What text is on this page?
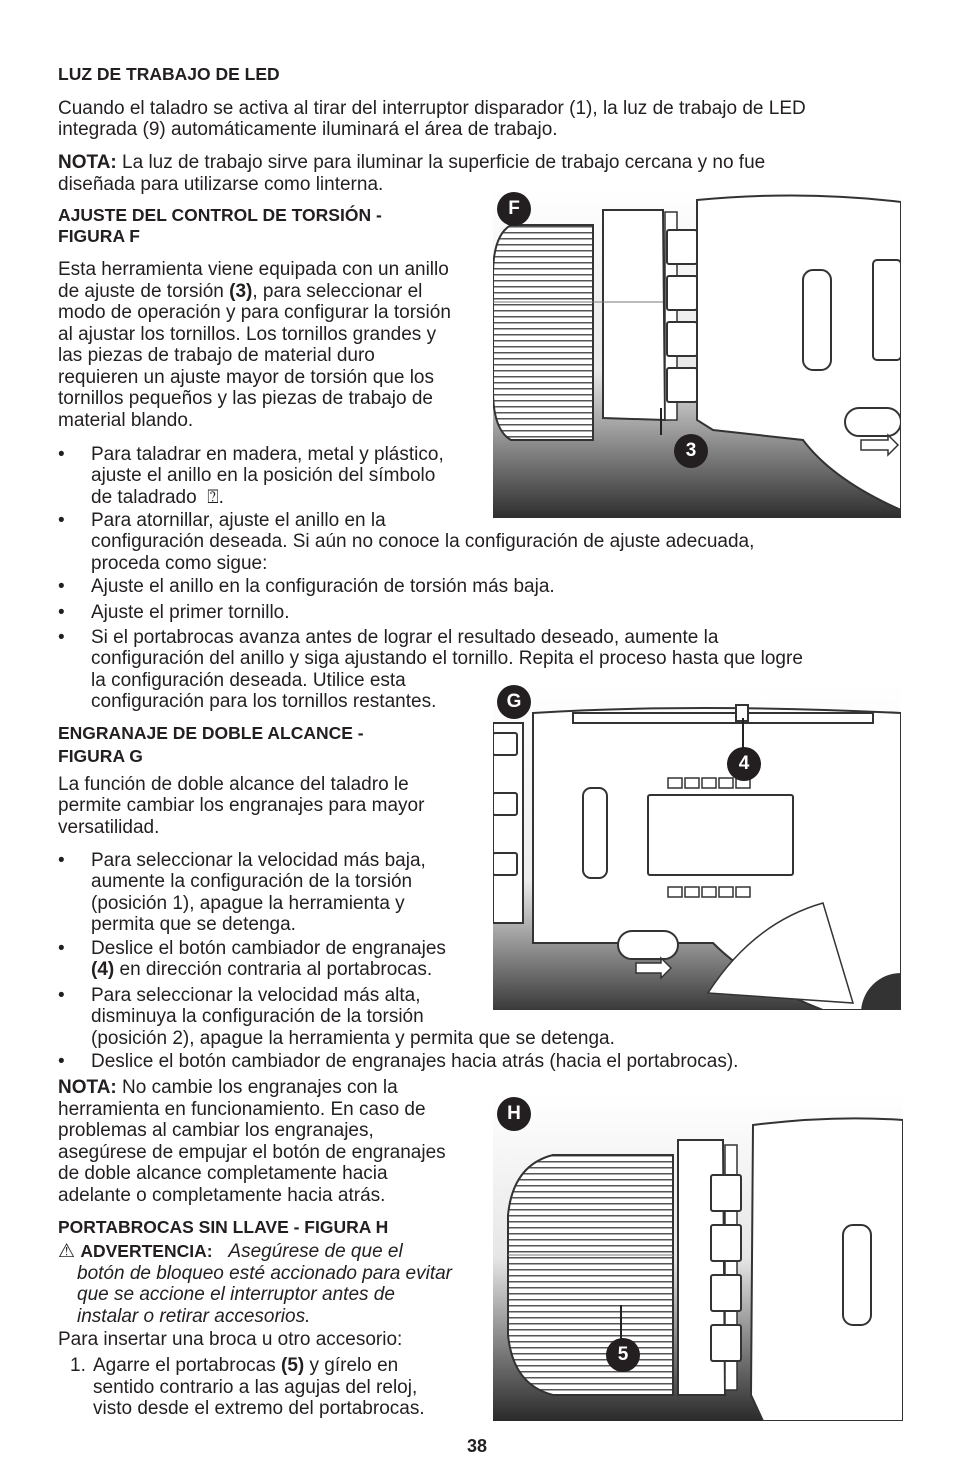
LUZ DE TRABAJO DE LED
Cuando el taladro se activa al tirar del interruptor disparador (1), la luz de trabajo de LED
integrada (9) automáticamente iluminará el área de trabajo.
NOTA: La luz de trabajo sirve para iluminar la superficie de trabajo cercana y no fue
diseñada para utilizarse como linterna.
AJUSTE DEL CONTROL DE TORSIÓN -
FIGURA F
Esta herramienta viene equipada con un anillo
de ajuste de torsión (3), para seleccionar el
modo de operación y para configurar la torsión
al ajustar los tornillos. Los tornillos grandes y
las piezas de trabajo de material duro
requieren un ajuste mayor de torsión que los
tornillos pequeños y las piezas de trabajo de
material blando.
• Para taladrar en madera, metal y plástico,
ajuste el anillo en la posición del símbolo
de taladrado ⍰.
• Para atornillar, ajuste el anillo en la
configuración deseada. Si aún no conoce la configuración de ajuste adecuada,
proceda como sigue:
• Ajuste el anillo en la configuración de torsión más baja.
• Ajuste el primer tornillo.
• Si el portabrocas avanza antes de lograr el resultado deseado, aumente la
configuración del anillo y siga ajustando el tornillo. Repita el proceso hasta que logre
la configuración deseada. Utilice esta
configuración para los tornillos restantes.
ENGRANAJE DE DOBLE ALCANCE -
FIGURA G
La función de doble alcance del taladro le
permite cambiar los engranajes para mayor
versatilidad.
• Para seleccionar la velocidad más baja,
aumente la configuración de la torsión
(posición 1), apague la herramienta y
permita que se detenga.
• Deslice el botón cambiador de engranajes
(4) en dirección contraria al portabrocas.
• Para seleccionar la velocidad más alta,
disminuya la configuración de la torsión
(posición 2), apague la herramienta y permita que se detenga.
• Deslice el botón cambiador de engranajes hacia atrás (hacia el portabrocas).
NOTA: No cambie los engranajes con la
herramienta en funcionamiento. En caso de
problemas al cambiar los engranajes,
asegúrese de empujar el botón de engranajes
de doble alcance completamente hacia
adelante o completamente hacia atrás.
PORTABROCAS SIN LLAVE - FIGURA H
⚠ ADVERTENCIA: Asegúrese de que el
botón de bloqueo esté accionado para evitar
que se accione el interruptor antes de
instalar o retirar accesorios.
Para insertar una broca u otro accesorio:
1. Agarre el portabrocas (5) y gírelo en
sentido contrario a las agujas del reloj,
visto desde el extremo del portabrocas.
F
3
G
4
H
5
38
